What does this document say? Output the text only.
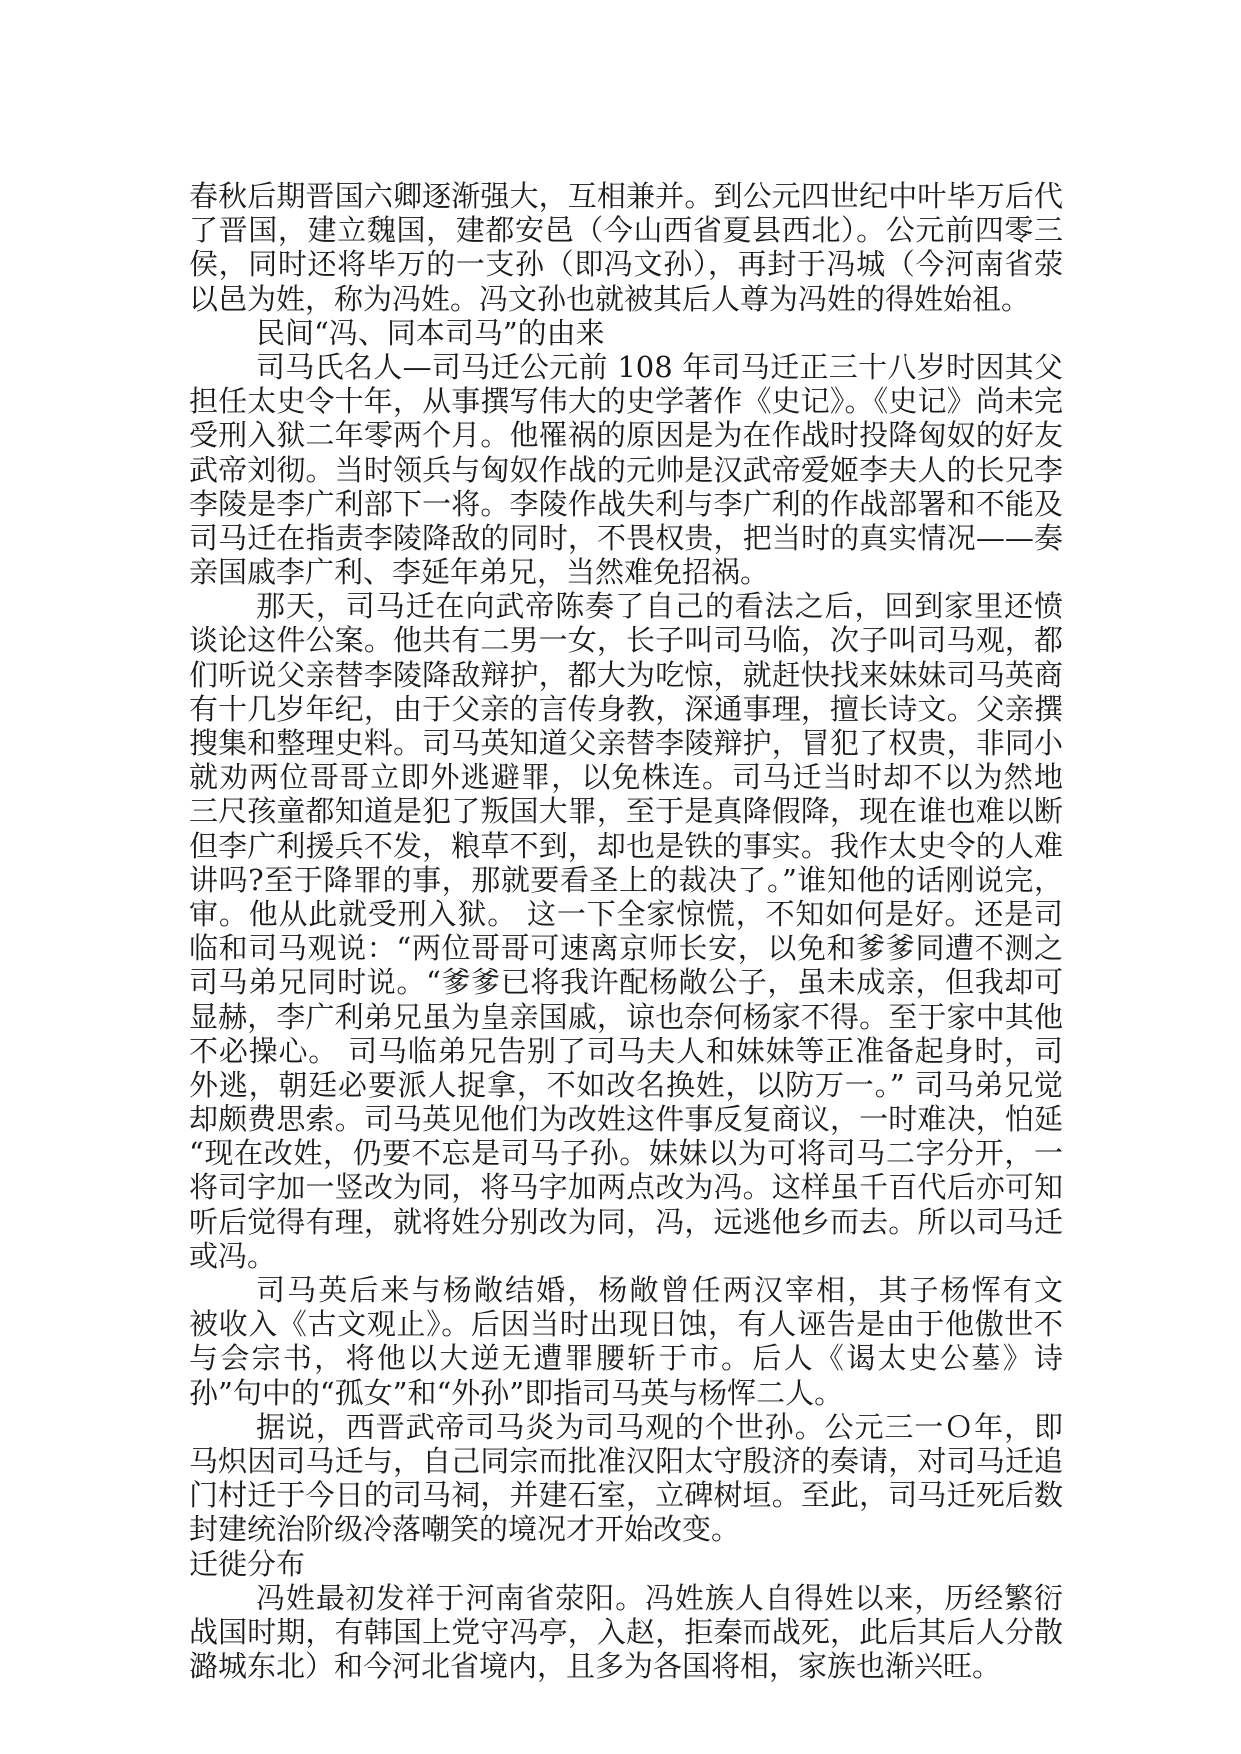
春秋后期晋国六卿逐渐强大，互相兼并。到公元四世纪中叶毕万后代
了晋国，建立魏国，建都安邑（今山西省夏县西北）。公元前四零三
侯，同时还将毕万的一支孙（即冯文孙），再封于冯城（今河南省荥
以邑为姓，称为冯姓。冯文孙也就被其后人尊为冯姓的得姓始祖。
民间“冯、同本司马”的由来
司马氏名人—司马迁公元前 108 年司马迁正三十八岁时因其父
担任太史令十年，从事撰写伟大的史学著作《史记》。《史记》尚未完
受刑入狱二年零两个月。他罹祸的原因是为在作战时投降匈奴的好友
武帝刘彻。当时领兵与匈奴作战的元帅是汉武帝爱姬李夫人的长兄李
李陵是李广利部下一将。李陵作战失利与李广利的作战部署和不能及
司马迁在指责李陵降敌的同时，不畏权贵，把当时的真实情况——奏
亲国戚李广利、李延年弟兄，当然难免招祸。
那天，司马迁在向武帝陈奏了自己的看法之后，回到家里还愤
谈论这件公案。他共有二男一女，长子叫司马临，次子叫司马观，都
们听说父亲替李陵降敌辩护，都大为吃惊，就赶快找来妹妹司马英商
有十几岁年纪，由于父亲的言传身教，深通事理，擅长诗文。父亲撰
搜集和整理史料。司马英知道父亲替李陵辩护，冒犯了权贵，非同小
就劝两位哥哥立即外逃避罪，以免株连。司马迁当时却不以为然地
三尺孩童都知道是犯了叛国大罪，至于是真降假降，现在谁也难以断
但李广利援兵不发，粮草不到，却也是铁的事实。我作太史令的人难
讲吗?至于降罪的事，那就要看圣上的裁决了。”谁知他的话刚说完，
审。他从此就受刑入狱。 这一下全家惊慌，不知如何是好。还是司
临和司马观说：“两位哥哥可速离京师长安，以免和爹爹同遭不测之
司马弟兄同时说。“爹爹已将我许配杨敞公子，虽未成亲，但我却可
显赫，李广利弟兄虽为皇亲国戚，谅也奈何杨家不得。至于家中其他
不必操心。 司马临弟兄告别了司马夫人和妹妹等正准备起身时，司
外逃，朝廷必要派人捉拿，不如改名换姓，以防万一。” 司马弟兄觉
却颇费思索。司马英见他们为改姓这件事反复商议，一时难决，怕延
“现在改姓，仍要不忘是司马子孙。妹妹以为可将司马二字分开，一
将司字加一竖改为同，将马字加两点改为冯。这样虽千百代后亦可知
听后觉得有理，就将姓分别改为同，冯，远逃他乡而去。所以司马迁
或冯。
司马英后来与杨敞结婚，杨敞曾任两汉宰相，其子杨恽有文
被收入《古文观止》。后因当时出现日蚀，有人诬告是由于他傲世不
与会宗书，将他以大逆无遭罪腰斩于市。后人《谒太史公墓》诗
孙”句中的“孤女”和“外孙”即指司马英与杨恽二人。
据说，西晋武帝司马炎为司马观的个世孙。公元三一Ｏ年，即
马炽因司马迁与，自己同宗而批准汉阳太守殷济的奏请，对司马迁追
门村迁于今日的司马祠，并建石室，立碑树垣。至此，司马迁死后数
封建统治阶级冷落嘲笑的境况才开始改变。
迁徙分布
冯姓最初发祥于河南省荥阳。冯姓族人自得姓以来，历经繁衍
战国时期，有韩国上党守冯亭，入赵，拒秦而战死，此后其后人分散
潞城东北）和今河北省境内，且多为各国将相，家族也渐兴旺。
